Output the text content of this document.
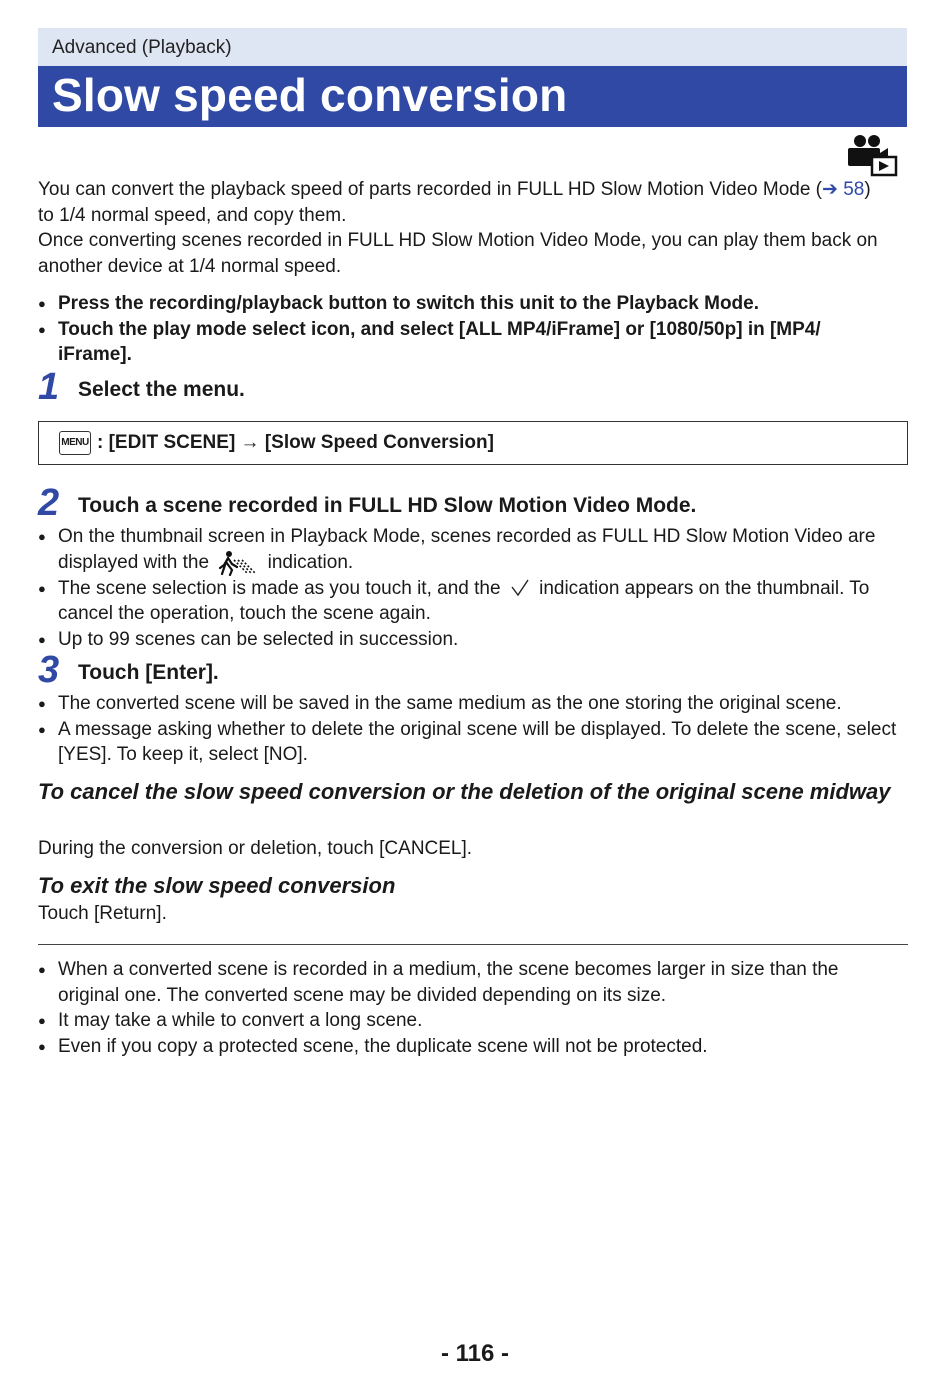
Advanced (Playback)
Slow speed conversion
You can convert the playback speed of parts recorded in FULL HD Slow Motion Video Mode (➔ 58)
to 1/4 normal speed, and copy them.
Once converting scenes recorded in FULL HD Slow Motion Video Mode, you can play them back on another device at 1/4 normal speed.
● Press the recording/playback button to switch this unit to the Playback Mode.
● Touch the play mode select icon, and select [ALL MP4/iFrame] or [1080/50p] in [MP4/ iFrame].
1 Select the menu.
MENU : [EDIT SCENE] → [Slow Speed Conversion]
2 Touch a scene recorded in FULL HD Slow Motion Video Mode.
● On the thumbnail screen in Playback Mode, scenes recorded as FULL HD Slow Motion Video are displayed with the	indication.
● The scene selection is made as you touch it, and the indication appears on the thumbnail. To cancel the operation, touch the scene again.
● Up to 99 scenes can be selected in succession.
3 Touch [Enter].
● The converted scene will be saved in the same medium as the one storing the original scene.
● A message asking whether to delete the original scene will be displayed. To delete the scene, select [YES]. To keep it, select [NO].
To cancel the slow speed conversion or the deletion of the original scene midway
During the conversion or deletion, touch [CANCEL].
To exit the slow speed conversion
Touch [Return].
● When a converted scene is recorded in a medium, the scene becomes larger in size than the original one. The converted scene may be divided depending on its size.
● It may take a while to convert a long scene.
● Even if you copy a protected scene, the duplicate scene will not be protected.
- 116 -
